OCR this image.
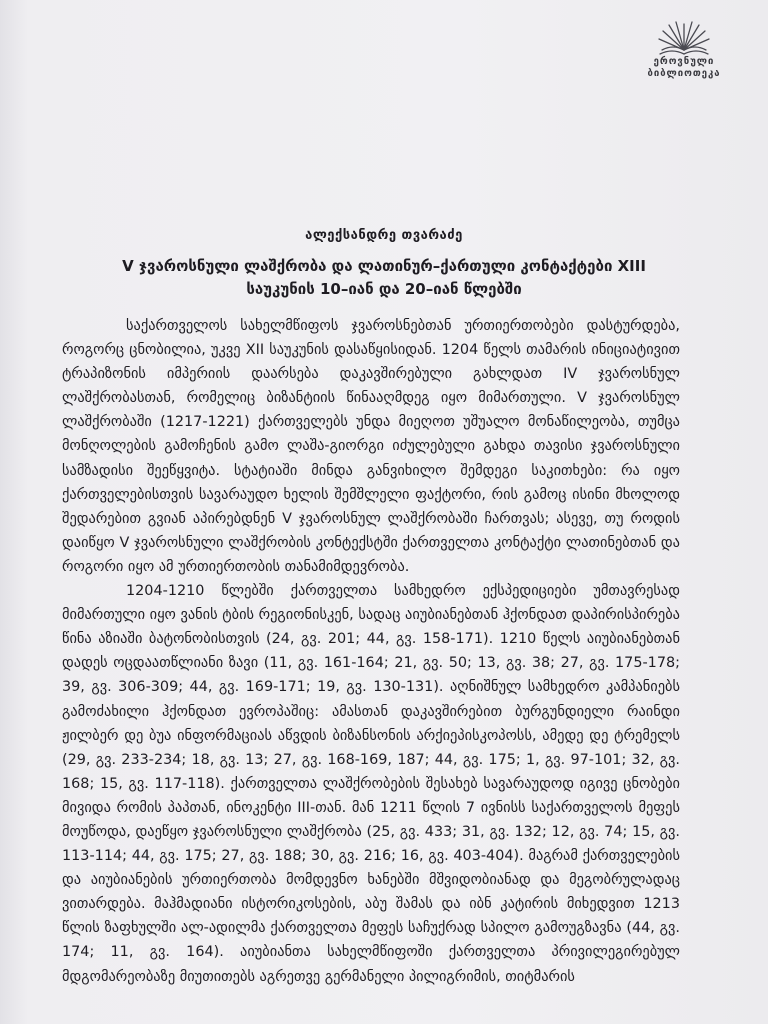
ეროვნული
ბიბლიოთეკა
ალექსანდრე თვარაძე
V ჯვაროსნული ლაშქრობა და ლათინურ–ქართული კონტაქტები XIII
საუკუნის 10–იან და 20–იან წლებში

საქართველოს სახელმწიფოს ჯვაროსნებთან ურთიერთობები დასტურდება, როგორც ცნობილია, უკვე XII საუკუნის დასაწყისიდან. 1204 წელს თამარის ინიციატივით ტრაპიზონის იმპერიის დაარსება დაკავშირებული გახლდათ IV ჯვაროსნულ ლაშქრობასთან, რომელიც ბიზანტიის წინააღმდეგ იყო მიმართული. V ჯვაროსნულ ლაშქრობაში (1217-1221) ქართველებს უნდა მიეღოთ უშუალო მონაწილეობა, თუმცა მონღოლების გამოჩენის გამო ლაშა-გიორგი იძულებული გახდა თავისი ჯვაროსნული სამზადისი შეეწყვიტა. სტატიაში მინდა განვიხილო შემდეგი საკითხები: რა იყო ქართველებისთვის სავარაუდო ხელის შემშლელი ფაქტორი, რის გამოც ისინი მხოლოდ შედარებით გვიან აპირებდნენ V ჯვაროსნულ ლაშქრობაში ჩართვას; ასევე, თუ როდის დაიწყო V ჯვაროსნული ლაშქრობის კონტექსტში ქართველთა კონტაქტი ლათინებთან და როგორი იყო ამ ურთიერთობის თანამიმდევრობა.

1204-1210 წლებში ქართველთა სამხედრო ექსპედიციები უმთავრესად მიმართული იყო ვანის ტბის რეგიონისკენ, სადაც აიუბიანებთან ჰქონდათ დაპირისპირება წინა აზიაში ბატონობისთვის (24, გვ. 201; 44, გვ. 158-171). 1210 წელს აიუბიანებთან დადეს ოცდაათწლიანი ზავი (11, გვ. 161-164; 21, გვ. 50; 13, გვ. 38; 27, გვ. 175-178; 39, გვ. 306-309; 44, გვ. 169-171; 19, გვ. 130-131). აღნიშნულ სამხედრო კამპანიებს გამოძახილი ჰქონდათ ევროპაშიც: ამასთან დაკავშირებით ბურგუნდიელი რაინდი ჟილბერ დე ბუა ინფორმაციას აწვდის ბიზანსონის არქიეპისკოპოსს, ამედე დე ტრემელს (29, გვ. 233-234; 18, გვ. 13; 27, გვ. 168-169, 187; 44, გვ. 175; 1, გვ. 97-101; 32, გვ. 168; 15, გვ. 117-118). ქართველთა ლაშქრობების შესახებ სავარაუდოდ იგივე ცნობები მივიდა რომის პაპთან, ინოკენტი III-თან. მან 1211 წლის 7 ივნისს საქართველოს მეფეს მოუწოდა, დაეწყო ჯვაროსნული ლაშქრობა (25, გვ. 433; 31, გვ. 132; 12, გვ. 74; 15, გვ. 113-114; 44, გვ. 175; 27, გვ. 188; 30, გვ. 216; 16, გვ. 403-404). მაგრამ ქართველების და აიუბიანების ურთიერთობა მომდევნო ხანებში მშვიდობიანად და მეგობრულადაც ვითარდება. მაჰმადიანი ისტორიკოსების, აბუ შამას და იბნ კატირის მიხედვით 1213 წლის ზაფხულში ალ-ადილმა ქართველთა მეფეს საჩუქრად სპილო გამოუგზავნა (44, გვ. 174; 11, გვ. 164). აიუბიანთა სახელმწიფოში ქართველთა პრივილეგირებულ მდგომარეობაზე მიუთითებს აგრეთვე გერმანელი პილიგრიმის, თიტმარის
